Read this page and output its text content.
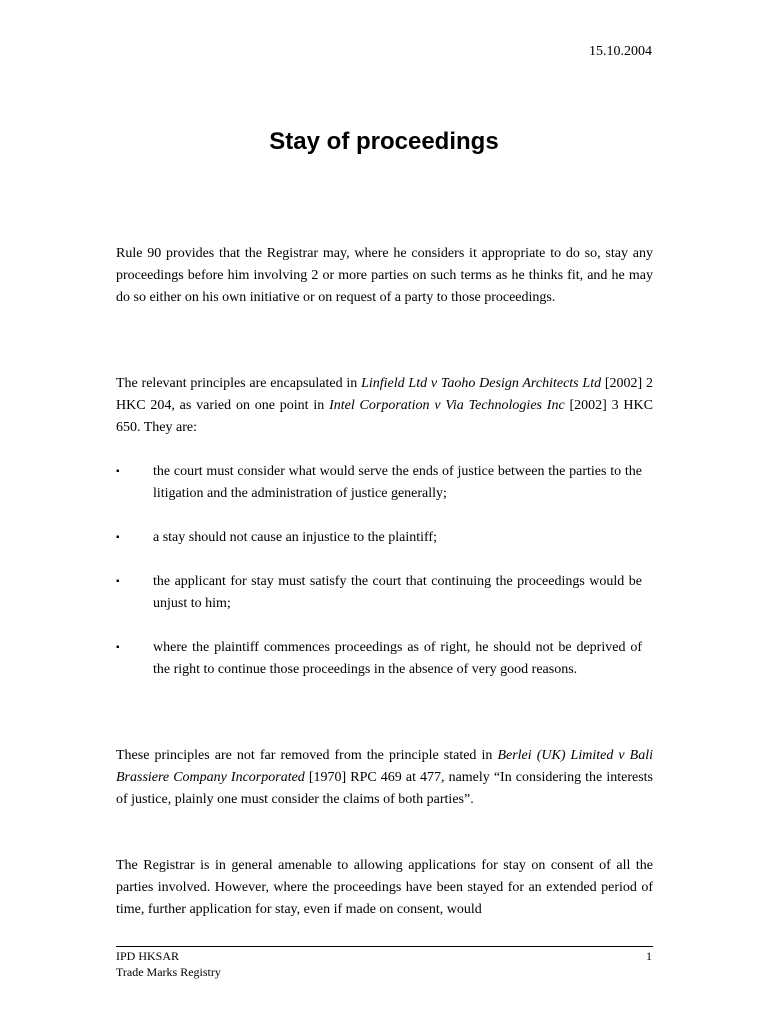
15.10.2004
Stay of proceedings

Rule 90 provides that the Registrar may, where he considers it appropriate to do so, stay any proceedings before him involving 2 or more parties on such terms as he thinks fit, and he may do so either on his own initiative or on request of a party to those proceedings.

The relevant principles are encapsulated in Linfield Ltd v Taoho Design Architects Ltd [2002] 2 HKC 204, as varied on one point in Intel Corporation v Via Technologies Inc [2002] 3 HKC 650. They are:

▪ the court must consider what would serve the ends of justice between the parties to the litigation and the administration of justice generally;
▪ a stay should not cause an injustice to the plaintiff;
▪ the applicant for stay must satisfy the court that continuing the proceedings would be unjust to him;
▪ where the plaintiff commences proceedings as of right, he should not be deprived of the right to continue those proceedings in the absence of very good reasons.

These principles are not far removed from the principle stated in Berlei (UK) Limited v Bali Brassiere Company Incorporated [1970] RPC 469 at 477, namely “In considering the interests of justice, plainly one must consider the claims of both parties”.

The Registrar is in general amenable to allowing applications for stay on consent of all the parties involved. However, where the proceedings have been stayed for an extended period of time, further application for stay, even if made on consent, would

IPD HKSAR
Trade Marks Registry
1
